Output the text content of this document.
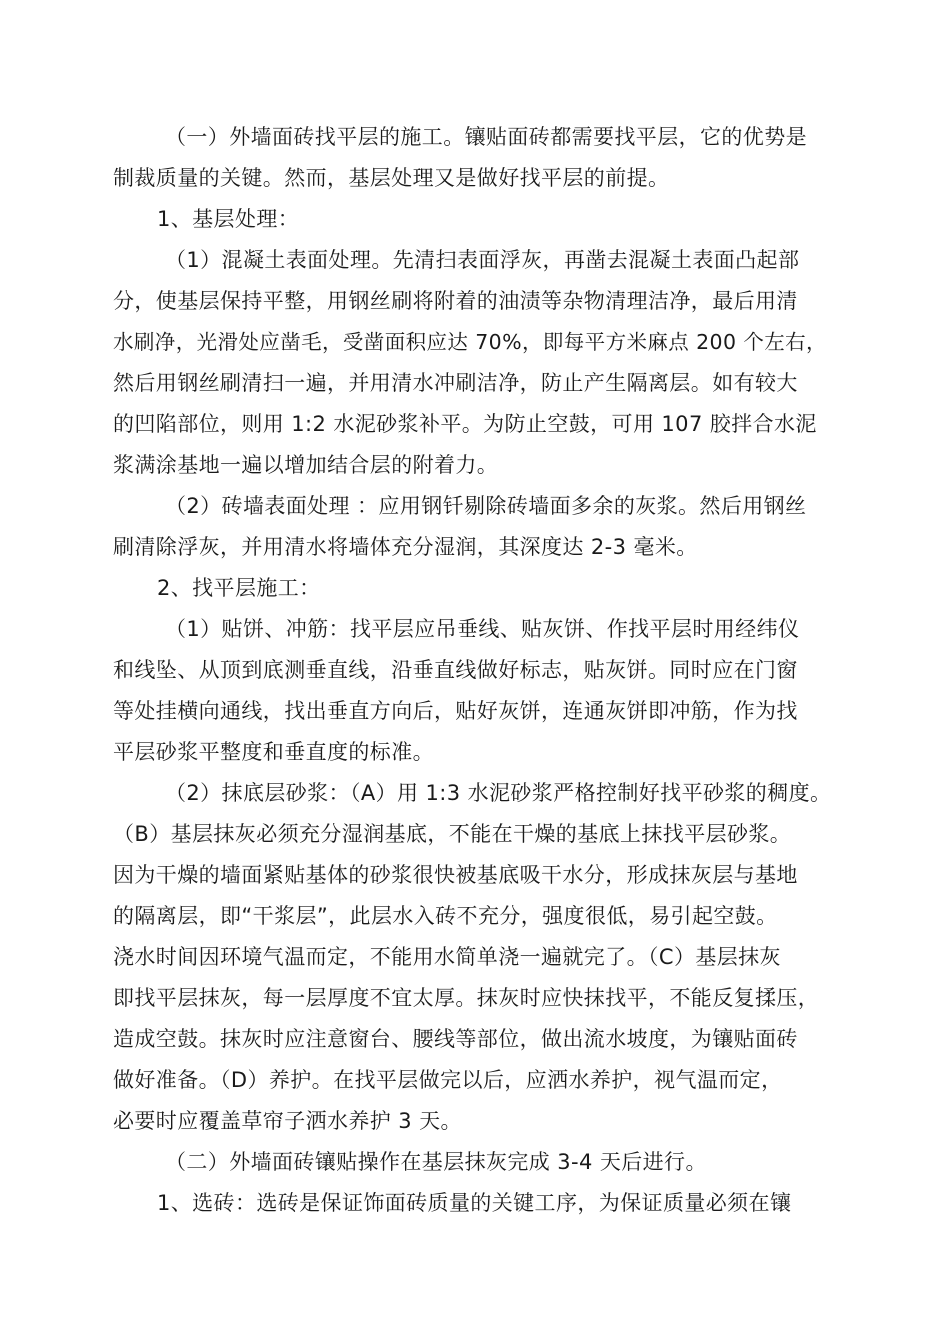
（一）外墙面砖找平层的施工。镶贴面砖都需要找平层，它的优势是
制裁质量的关键。然而，基层处理又是做好找平层的前提。
1、基层处理：
（1）混凝土表面处理。先清扫表面浮灰，再凿去混凝土表面凸起部
分，使基层保持平整，用钢丝刷将附着的油渍等杂物清理洁净，最后用清
水刷净，光滑处应凿毛，受凿面积应达 70%，即每平方米麻点 200 个左右，
然后用钢丝刷清扫一遍，并用清水冲刷洁净，防止产生隔离层。如有较大
的凹陷部位，则用 1:2 水泥砂浆补平。为防止空鼓，可用 107 胶拌合水泥
浆满涂基地一遍以增加结合层的附着力。
（2）砖墙表面处理 ：应用钢钎剔除砖墙面多余的灰浆。然后用钢丝
刷清除浮灰，并用清水将墙体充分湿润，其深度达 2-3 毫米。
2、找平层施工：
（1）贴饼、冲筋：找平层应吊垂线、贴灰饼、作找平层时用经纬仪
和线坠、从顶到底测垂直线，沿垂直线做好标志，贴灰饼。同时应在门窗
等处挂横向通线，找出垂直方向后，贴好灰饼，连通灰饼即冲筋，作为找
平层砂浆平整度和垂直度的标准。
（2）抹底层砂浆：（A）用 1:3 水泥砂浆严格控制好找平砂浆的稠度。
（B）基层抹灰必须充分湿润基底，不能在干燥的基底上抹找平层砂浆。
因为干燥的墙面紧贴基体的砂浆很快被基底吸干水分，形成抹灰层与基地
的隔离层，即“干浆层”，此层水入砖不充分，强度很低，易引起空鼓。
浇水时间因环境气温而定，不能用水简单浇一遍就完了。（C）基层抹灰
即找平层抹灰，每一层厚度不宜太厚。抹灰时应快抹找平，不能反复揉压，
造成空鼓。抹灰时应注意窗台、腰线等部位，做出流水坡度，为镶贴面砖
做好准备。（D）养护。在找平层做完以后，应洒水养护，视气温而定，
必要时应覆盖草帘子洒水养护 3 天。
（二）外墙面砖镶贴操作在基层抹灰完成 3-4 天后进行。
1、选砖：选砖是保证饰面砖质量的关键工序，为保证质量必须在镶
